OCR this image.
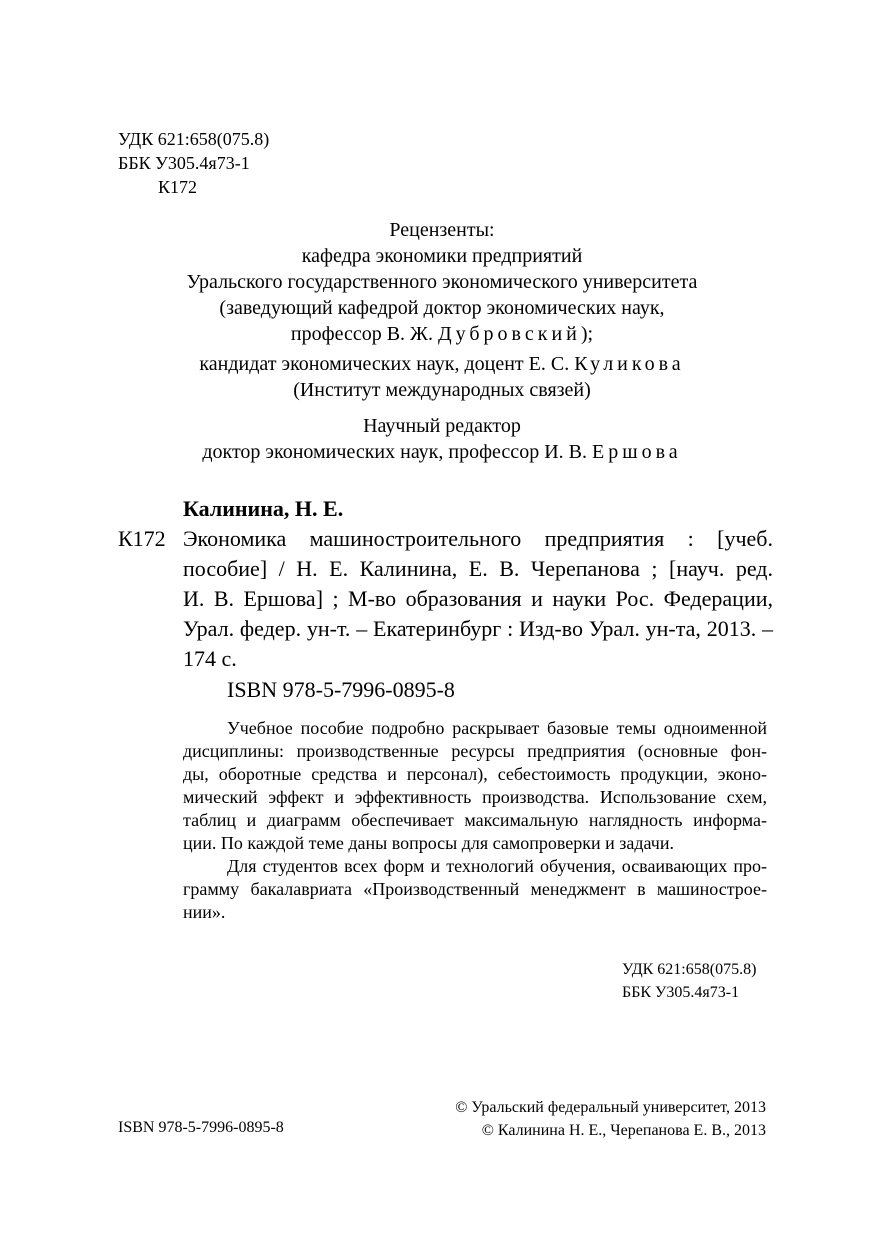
УДК 621:658(075.8)
ББК У305.4я73-1
К172
Рецензенты:
кафедра экономики предприятий
Уральского государственного экономического университета
(заведующий кафедрой доктор экономических наук,
профессор В. Ж. Дубровский);
кандидат экономических наук, доцент Е. С. Куликова
(Институт международных связей)
Научный редактор
доктор экономических наук, профессор И. В. Ершова
Калинина, Н. Е.
К172 Экономика машиностроительного предприятия : [учеб.
пособие] / Н. Е. Калинина, Е. В. Черепанова ; [науч. ред.
И. В. Ершова] ; М-во образования и науки Рос. Федерации,
Урал. федер. ун-т. – Екатеринбург : Изд-во Урал. ун-та, 2013. –
174 с.
ISBN 978-5-7996-0895-8
Учебное пособие подробно раскрывает базовые темы одноименной
дисциплины: производственные ресурсы предприятия (основные фон-
ды, оборотные средства и персонал), себестоимость продукции, эконо-
мический эффект и эффективность производства. Использование схем,
таблиц и диаграмм обеспечивает максимальную наглядность информа-
ции. По каждой теме даны вопросы для самопроверки и задачи.
Для студентов всех форм и технологий обучения, осваивающих про-
грамму бакалавриата «Производственный менеджмент в машинострое-
нии».
УДК 621:658(075.8)
ББК У305.4я73-1
ISBN 978-5-7996-0895-8
© Уральский федеральный университет, 2013
© Калинина Н. Е., Черепанова Е. В., 2013
